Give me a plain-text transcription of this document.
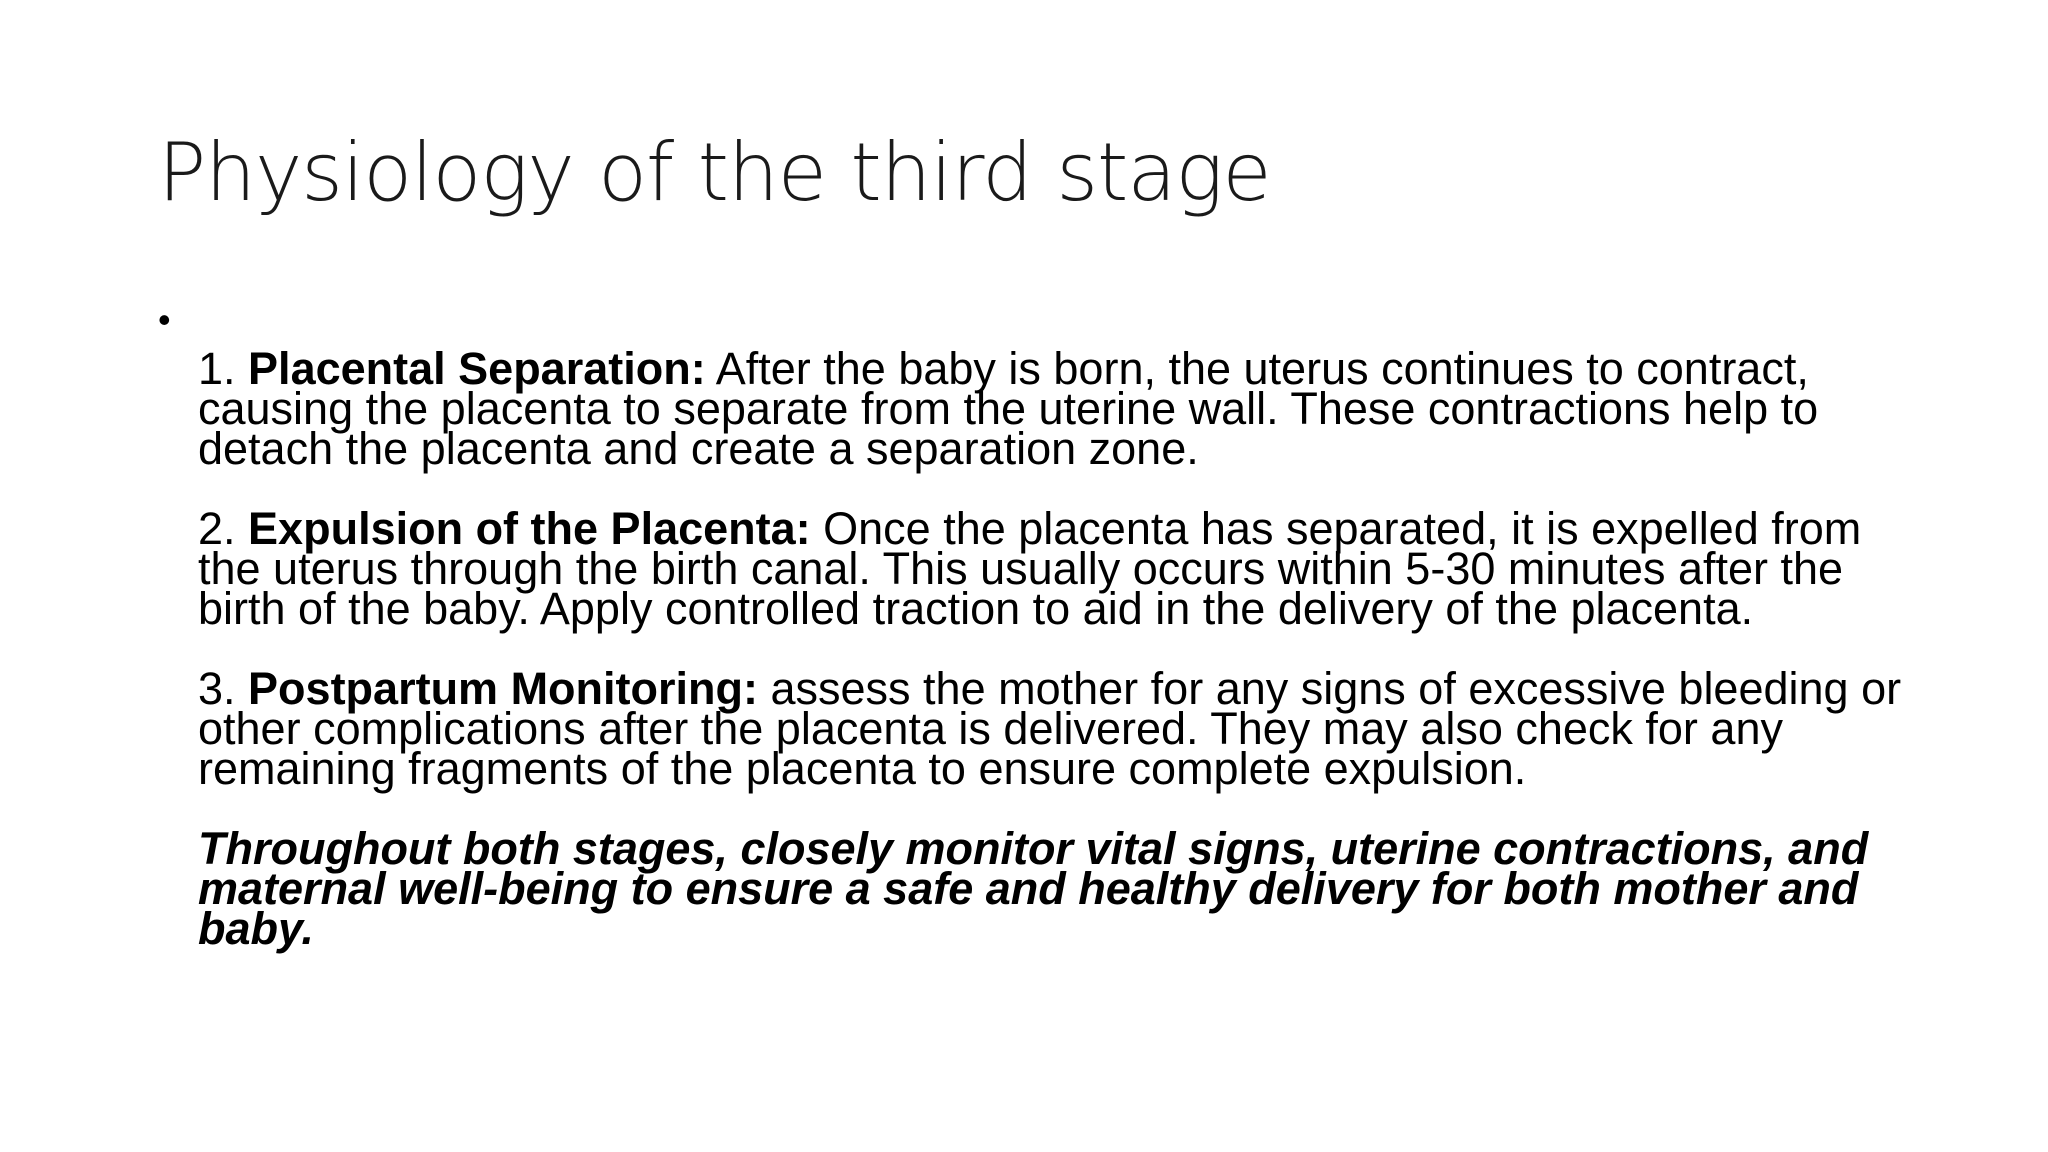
Physiology of the third stage
•

1. Placental Separation: After the baby is born, the uterus continues to contract, causing the placenta to separate from the uterine wall. These contractions help to detach the placenta and create a separation zone.

2. Expulsion of the Placenta: Once the placenta has separated, it is expelled from the uterus through the birth canal. This usually occurs within 5-30 minutes after the birth of the baby. Apply controlled traction to aid in the delivery of the placenta.

3. Postpartum Monitoring: assess the mother for any signs of excessive bleeding or other complications after the placenta is delivered. They may also check for any remaining fragments of the placenta to ensure complete expulsion.

Throughout both stages, closely monitor vital signs, uterine contractions, and maternal well-being to ensure a safe and healthy delivery for both mother and baby.
